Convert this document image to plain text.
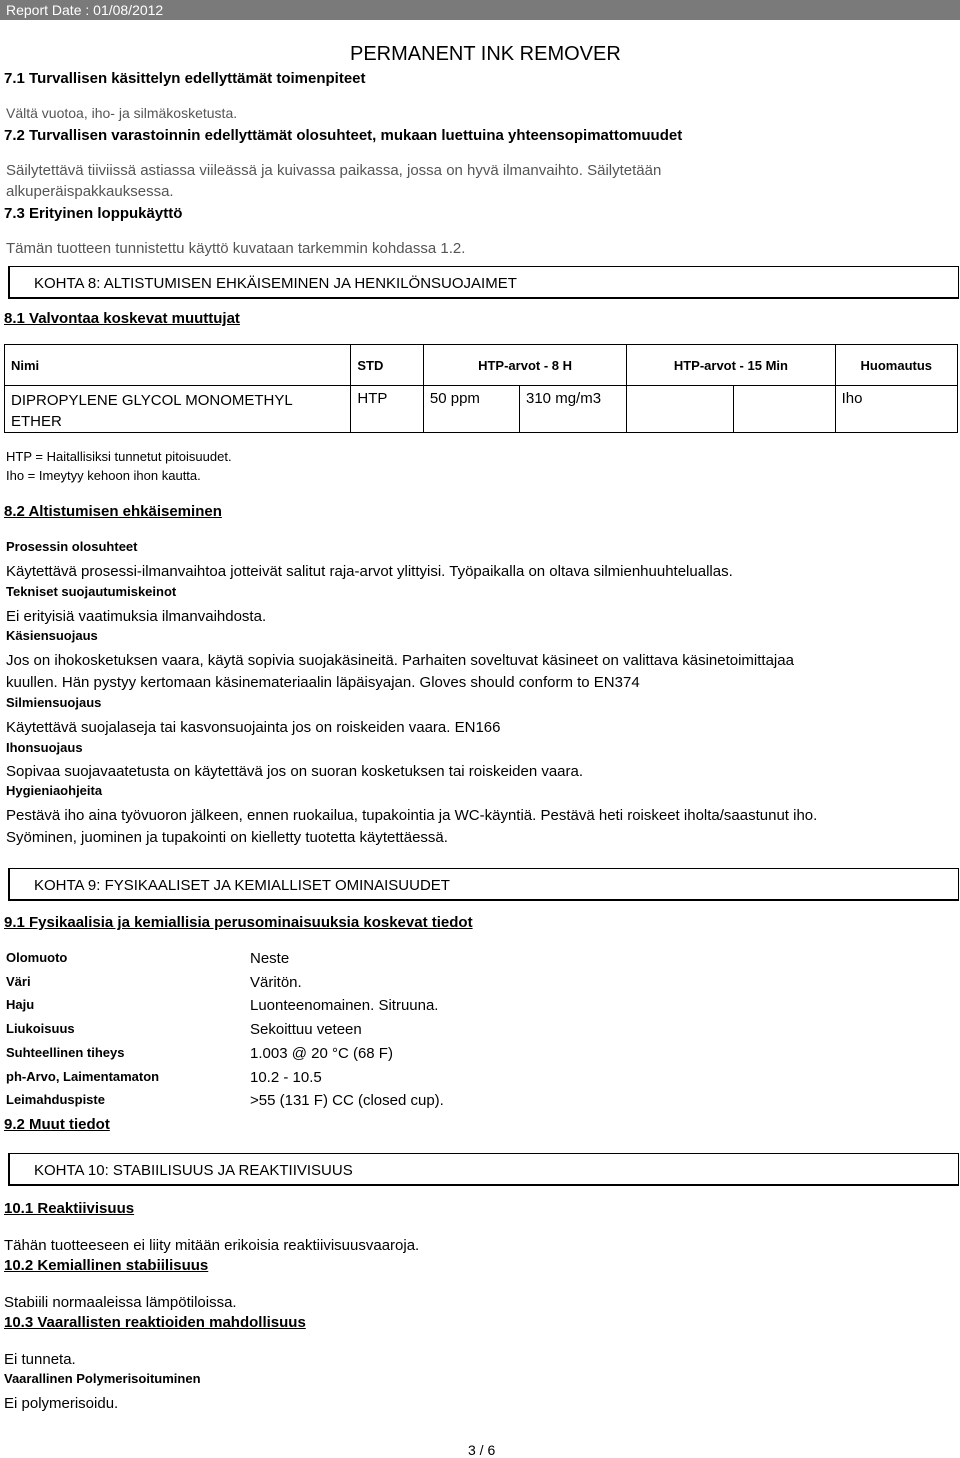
Report Date : 01/08/2012
PERMANENT INK REMOVER
7.1 Turvallisen käsittelyn edellyttämät toimenpiteet
Vältä vuotoa, iho- ja silmäkosketusta.
7.2 Turvallisen varastoinnin edellyttämät olosuhteet, mukaan luettuina yhteensopimattomuudet
Säilytettävä tiiviissä astiassa viileässä ja kuivassa paikassa, jossa on hyvä ilmanvaihto. Säilytetään
alkuperäispakkauksessa.
7.3 Erityinen loppukäyttö
Tämän tuotteen tunnistettu käyttö kuvataan tarkemmin kohdassa 1.2.
KOHTA 8: ALTISTUMISEN EHKÄISEMINEN JA HENKILÖNSUOJAIMET
8.1 Valvontaa koskevat muuttujat
Nimi	STD	HTP-arvot - 8 H		HTP-arvot - 15 Min		Huomautus
DIPROPYLENE GLYCOL MONOMETHYL ETHER	HTP	50 ppm	310 mg/m3			Iho
HTP = Haitallisiksi tunnetut pitoisuudet.
Iho = Imeytyy kehoon ihon kautta.
8.2 Altistumisen ehkäiseminen
Prosessin olosuhteet
Käytettävä prosessi-ilmanvaihtoa jotteivät salitut raja-arvot ylittyisi. Työpaikalla on oltava silmienhuuhteluallas.
Tekniset suojautumiskeinot
Ei erityisiä vaatimuksia ilmanvaihdosta.
Käsiensuojaus
Jos on ihokosketuksen vaara, käytä sopivia suojakäsineitä. Parhaiten soveltuvat käsineet on valittava käsinetoimittajaa
kuullen. Hän pystyy kertomaan käsinemateriaalin läpäisyajan. Gloves should conform to EN374
Silmiensuojaus
Käytettävä suojalaseja tai kasvonsuojainta jos on roiskeiden vaara. EN166
Ihonsuojaus
Sopivaa suojavaatetusta on käytettävä jos on suoran kosketuksen tai roiskeiden vaara.
Hygieniaohjeita
Pestävä iho aina työvuoron jälkeen, ennen ruokailua, tupakointia ja WC-käyntiä. Pestävä heti roiskeet iholta/saastunut iho.
Syöminen, juominen ja tupakointi on kielletty tuotetta käytettäessä.
KOHTA 9: FYSIKAALISET JA KEMIALLISET OMINAISUUDET
9.1 Fysikaalisia ja kemiallisia perusominaisuuksia koskevat tiedot
Olomuoto	Neste
Väri	Väritön.
Haju	Luonteenomainen. Sitruuna.
Liukoisuus	Sekoittuu veteen
Suhteellinen tiheys	1.003 @ 20 °C (68 F)
ph-Arvo, Laimentamaton	10.2 - 10.5
Leimahduspiste	>55 (131 F) CC (closed cup).
9.2 Muut tiedot
KOHTA 10: STABIILISUUS JA REAKTIIVISUUS
10.1 Reaktiivisuus
Tähän tuotteeseen ei liity mitään erikoisia reaktiivisuusvaaroja.
10.2 Kemiallinen stabiilisuus
Stabiili normaaleissa lämpötiloissa.
10.3 Vaarallisten reaktioiden mahdollisuus
Ei tunneta.
Vaarallinen Polymerisoituminen
Ei polymerisoidu.
3 / 6
